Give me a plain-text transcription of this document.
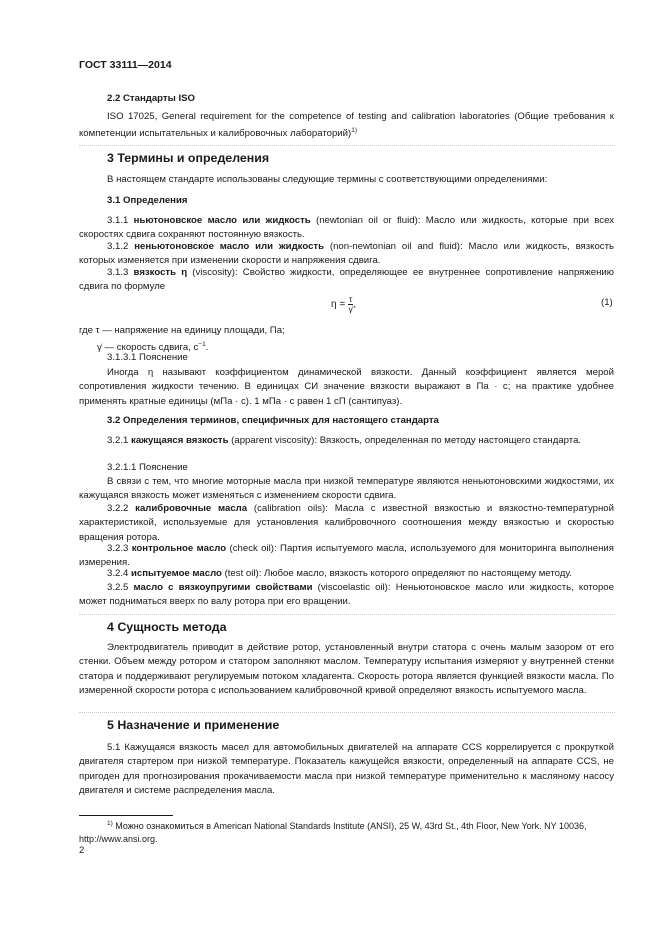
ГОСТ 33111—2014
2.2 Стандарты ISO

ISO 17025, General requirement for the competence of testing and calibration laboratories (Общие требования к компетенции испытательных и калибровочных лабораторий)$^{1)}$

3 Термины и определения

В настоящем стандарте использованы следующие термины с соответствующими определениями:

3.1 Определения

3.1.1 ньютоновское масло или жидкость (newtonian oil or fluid): Масло или жидкость, которые при всех скоростях сдвига сохраняют постоянную вязкость.

3.1.2 неньютоновское масло или жидкость (non-newtonian oil and fluid): Масло или жидкость, вязкость которых изменяется при изменении скорости и напряжения сдвига.

3.1.3 вязкость η (viscosity): Свойство жидкости, определяющее ее внутреннее сопротивление напряжению сдвига по формуле

$\eta = \frac{\tau}{\gammȧ}$ ,	(1)
где τ — напряжение на единицу площади, Па;
γ̇ — скорость сдвига, $с^{-1}$.
3.1.3.1 Пояснение

Иногда η называют коэффициентом динамической вязкости. Данный коэффициент является мерой сопротивления жидкости течению. В единицах СИ значение вязкости выражают в Па · с; на практике удобнее применять кратные единицы (мПа · с). 1 мПа · с равен 1 сП (сантипуаз).

3.2 Определения терминов, специфичных для настоящего стандарта

3.2.1 кажущаяся вязкость (apparent viscosity): Вязкость, определенная по методу настоящего стандарта.

3.2.1.1 Пояснение

В связи с тем, что многие моторные масла при низкой температуре являются неньютоновскими жидкостями, их кажущаяся вязкость может изменяться с изменением скорости сдвига.

3.2.2 калибровочные масла (calibration oils): Масла с известной вязкостью и вязкостно-температурной характеристикой, используемые для установления калибровочного соотношения между вязкостью и скоростью вращения ротора.

3.2.3 контрольное масло (check oil): Партия испытуемого масла, используемого для мониторинга выполнения измерения.

3.2.4 испытуемое масло (test oil): Любое масло, вязкость которого определяют по настоящему методу.

3.2.5 масло с вязкоупругими свойствами (viscoelastic oil): Неньютоновское масло или жидкость, которое может подниматься вверх по валу ротора при его вращении.

4 Сущность метода

Электродвигатель приводит в действие ротор, установленный внутри статора с очень малым зазором от его стенки. Объем между ротором и статором заполняют маслом. Температуру испытания измеряют у внутренней стенки статора и поддерживают регулируемым потоком хладагента. Скорость ротора является функцией вязкости масла. По измеренной скорости ротора с использованием калибровочной кривой определяют вязкость испытуемого масла.

5 Назначение и применение

5.1 Кажущаяся вязкость масел для автомобильных двигателей на аппарате CCS коррелируется с прокруткой двигателя стартером при низкой температуре. Показатель кажущейся вязкости, определенный на аппарате CCS, не пригоден для прогнозирования прокачиваемости масла при низкой температуре применительно к масляному насосу двигателя и системе распределения масла.

$^{1)}$ Можно ознакомиться в American National Standards Institute (ANSI), 25 W, 43rd St., 4th Floor, New York. NY 10036, http://www.ansi.org.

2
